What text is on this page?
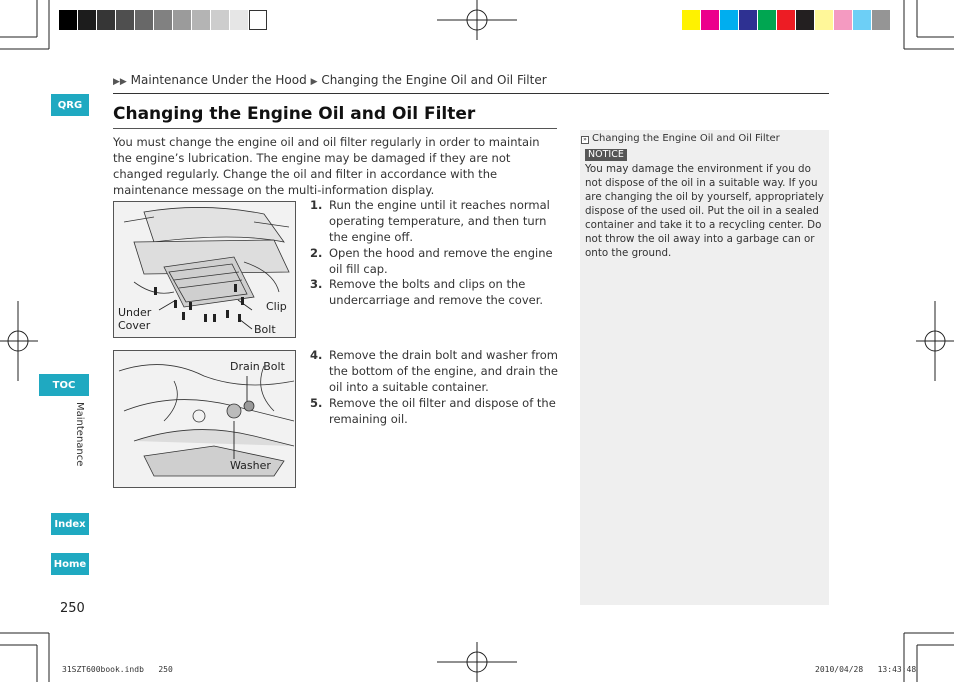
QRG
TOC
Maintenance
Index
Home
▶▶ Maintenance Under the Hood ▶ Changing the Engine Oil and Oil Filter
Changing the Engine Oil and Oil Filter
You must change the engine oil and oil filter regularly in order to maintain the engine’s lubrication. The engine may be damaged if they are not changed regularly. Change the oil and filter in accordance with the maintenance message on the multi-information display.
Under
Cover
Clip
Bolt
Drain Bolt
Washer
1. Run the engine until it reaches normal operating temperature, and then turn the engine off.
2. Open the hood and remove the engine oil fill cap.
3. Remove the bolts and clips on the undercarriage and remove the cover.
4. Remove the drain bolt and washer from the bottom of the engine, and drain the oil into a suitable container.
5. Remove the oil filter and dispose of the remaining oil.
» Changing the Engine Oil and Oil Filter
NOTICE
You may damage the environment if you do not dispose of the oil in a suitable way. If you are changing the oil by yourself, appropriately dispose of the used oil. Put the oil in a sealed container and take it to a recycling center. Do not throw the oil away into a garbage can or onto the ground.
250
31SZT600book.indb   250	2010/04/28   13:43:48
